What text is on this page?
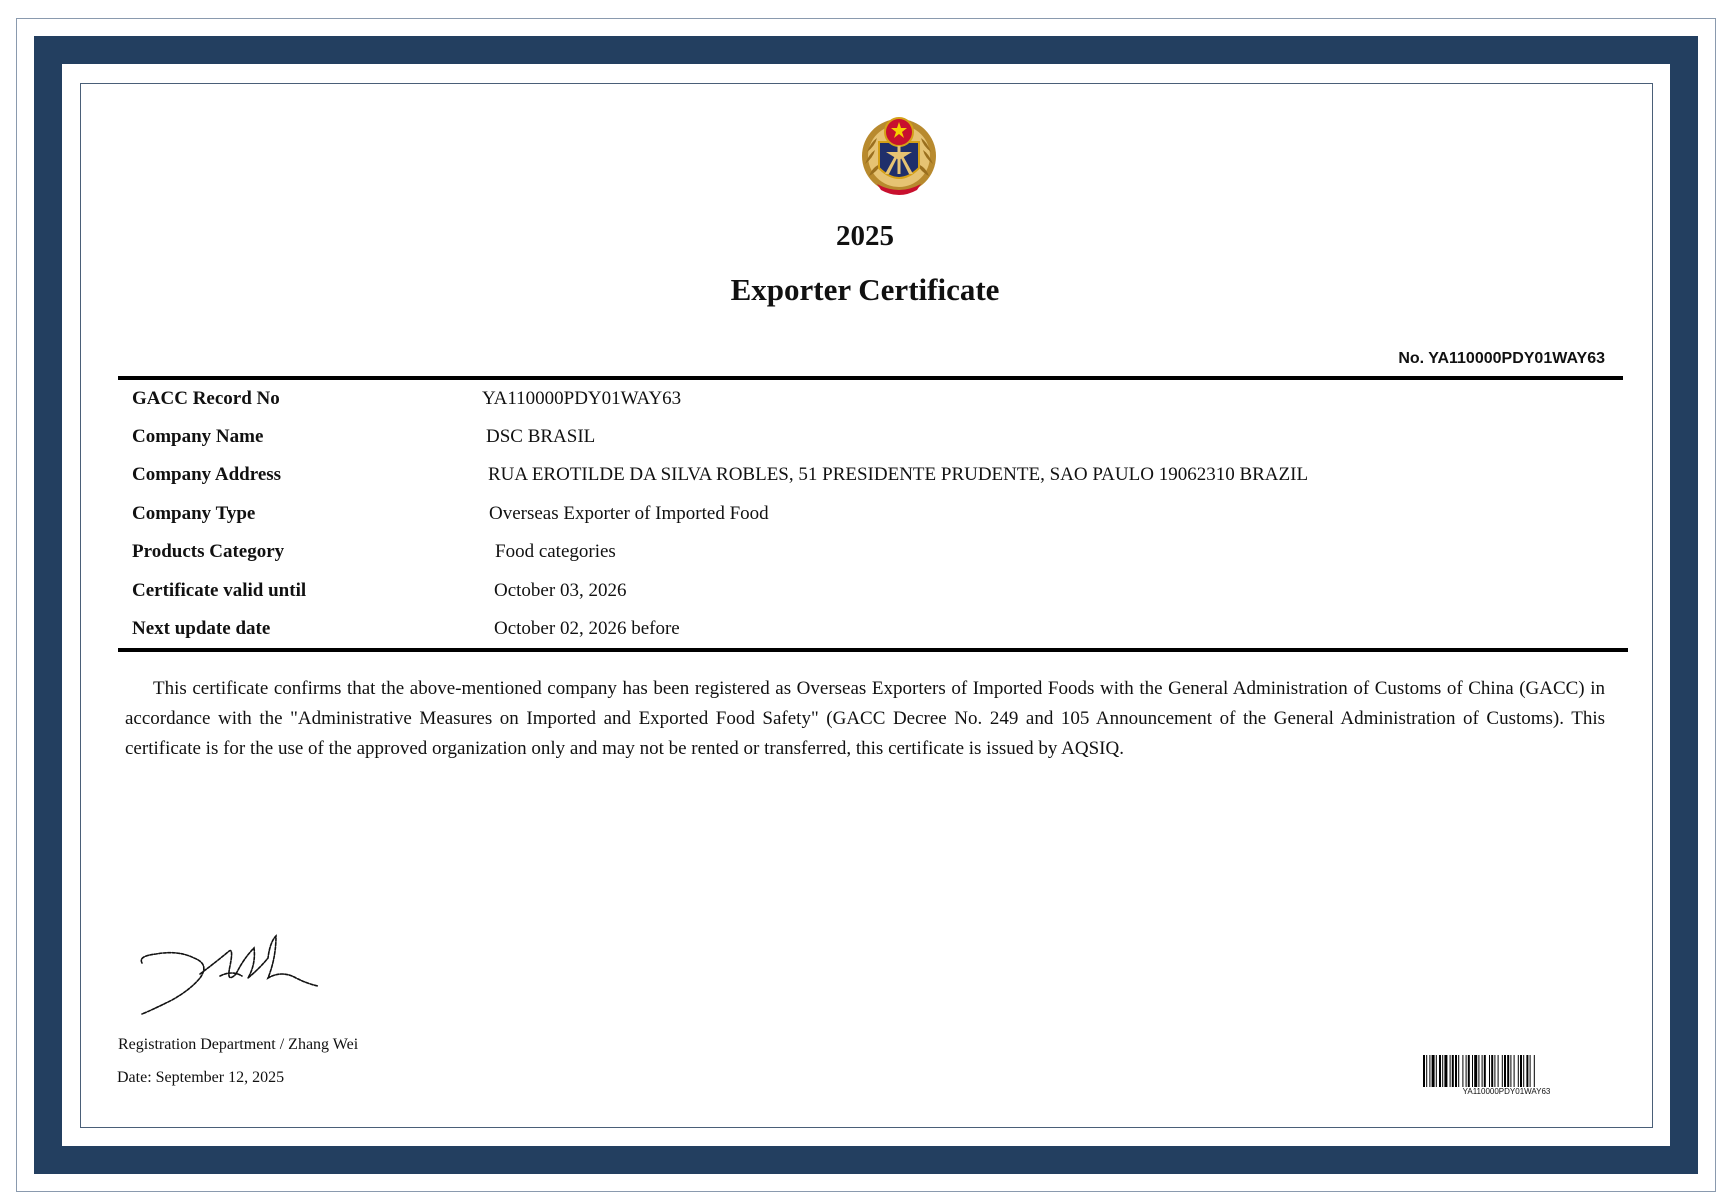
2025
Exporter Certificate
No. YA110000PDY01WAY63
GACC Record No	YA110000PDY01WAY63
Company Name	DSC BRASIL
Company Address	RUA EROTILDE DA SILVA ROBLES, 51 PRESIDENTE PRUDENTE, SAO PAULO 19062310 BRAZIL
Company Type	Overseas Exporter of Imported Food
Products Category	Food categories
Certificate valid until	October 03, 2026
Next update date	October 02, 2026 before
This certificate confirms that the above-mentioned company has been registered as Overseas Exporters of Imported Foods with the General Administration of Customs of China (GACC) in accordance with the "Administrative Measures on Imported and Exported Food Safety" (GACC Decree No. 249 and 105 Announcement of the General Administration of Customs). This certificate is for the use of the approved organization only and may not be rented or transferred, this certificate is issued by AQSIQ.
Registration Department / Zhang Wei
Date: September 12, 2025
YA110000PDY01WAY63
